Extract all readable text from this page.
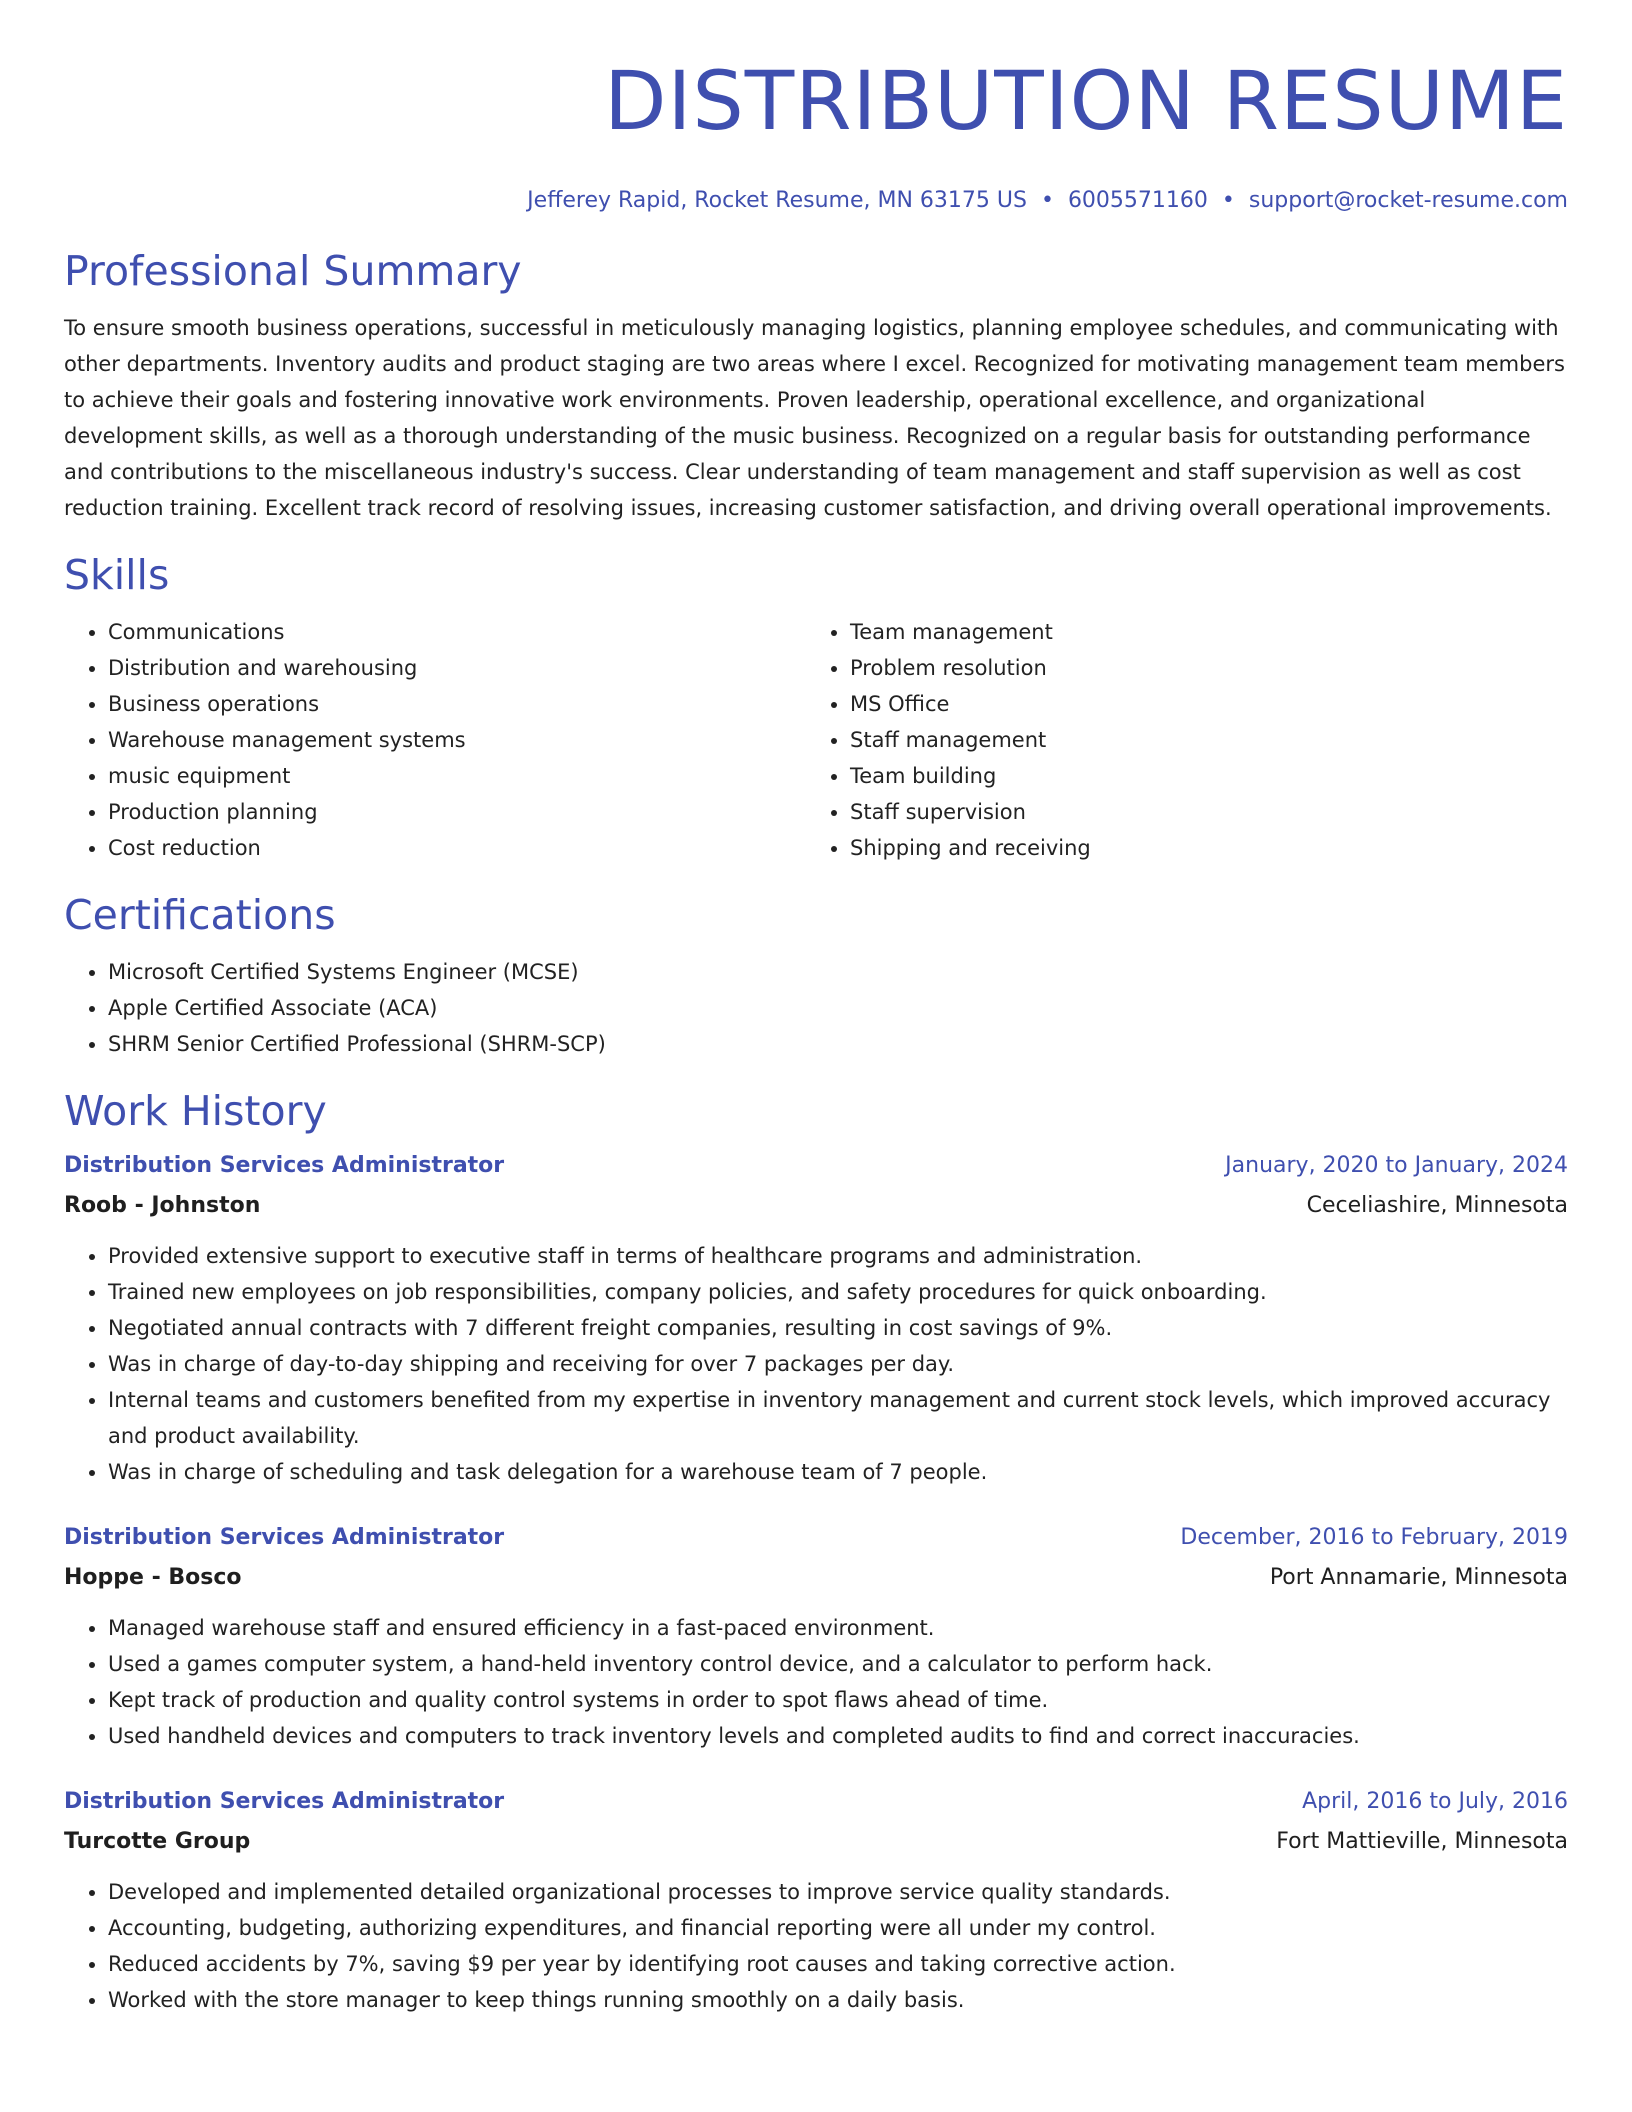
DISTRIBUTION RESUME
Jefferey Rapid, Rocket Resume, MN 63175 US • 6005571160 • support@rocket-resume.com
Professional Summary

To ensure smooth business operations, successful in meticulously managing logistics, planning employee schedules, and communicating with other departments. Inventory audits and product staging are two areas where I excel. Recognized for motivating management team members to achieve their goals and fostering innovative work environments. Proven leadership, operational excellence, and organizational development skills, as well as a thorough understanding of the music business. Recognized on a regular basis for outstanding performance and contributions to the miscellaneous industry's success. Clear understanding of team management and staff supervision as well as cost reduction training. Excellent track record of resolving issues, increasing customer satisfaction, and driving overall operational improvements.

Skills
• Communications
• Distribution and warehousing
• Business operations
• Warehouse management systems
• music equipment
• Production planning
• Cost reduction
• Team management
• Problem resolution
• MS Office
• Staff management
• Team building
• Staff supervision
• Shipping and receiving
Certifications
• Microsoft Certified Systems Engineer (MCSE)
• Apple Certified Associate (ACA)
• SHRM Senior Certified Professional (SHRM-SCP)
Work History
Distribution Services Administrator	January, 2020 to January, 2024
Roob - Johnston	Ceceliashire, Minnesota
• Provided extensive support to executive staff in terms of healthcare programs and administration.
• Trained new employees on job responsibilities, company policies, and safety procedures for quick onboarding.
• Negotiated annual contracts with 7 different freight companies, resulting in cost savings of 9%.
• Was in charge of day-to-day shipping and receiving for over 7 packages per day.
• Internal teams and customers benefited from my expertise in inventory management and current stock levels, which improved accuracy and product availability.
• Was in charge of scheduling and task delegation for a warehouse team of 7 people.
Distribution Services Administrator	December, 2016 to February, 2019
Hoppe - Bosco	Port Annamarie, Minnesota
• Managed warehouse staff and ensured efficiency in a fast-paced environment.
• Used a games computer system, a hand-held inventory control device, and a calculator to perform hack.
• Kept track of production and quality control systems in order to spot flaws ahead of time.
• Used handheld devices and computers to track inventory levels and completed audits to find and correct inaccuracies.
Distribution Services Administrator	April, 2016 to July, 2016
Turcotte Group	Fort Mattieville, Minnesota
• Developed and implemented detailed organizational processes to improve service quality standards.
• Accounting, budgeting, authorizing expenditures, and financial reporting were all under my control.
• Reduced accidents by 7%, saving $9 per year by identifying root causes and taking corrective action.
• Worked with the store manager to keep things running smoothly on a daily basis.
